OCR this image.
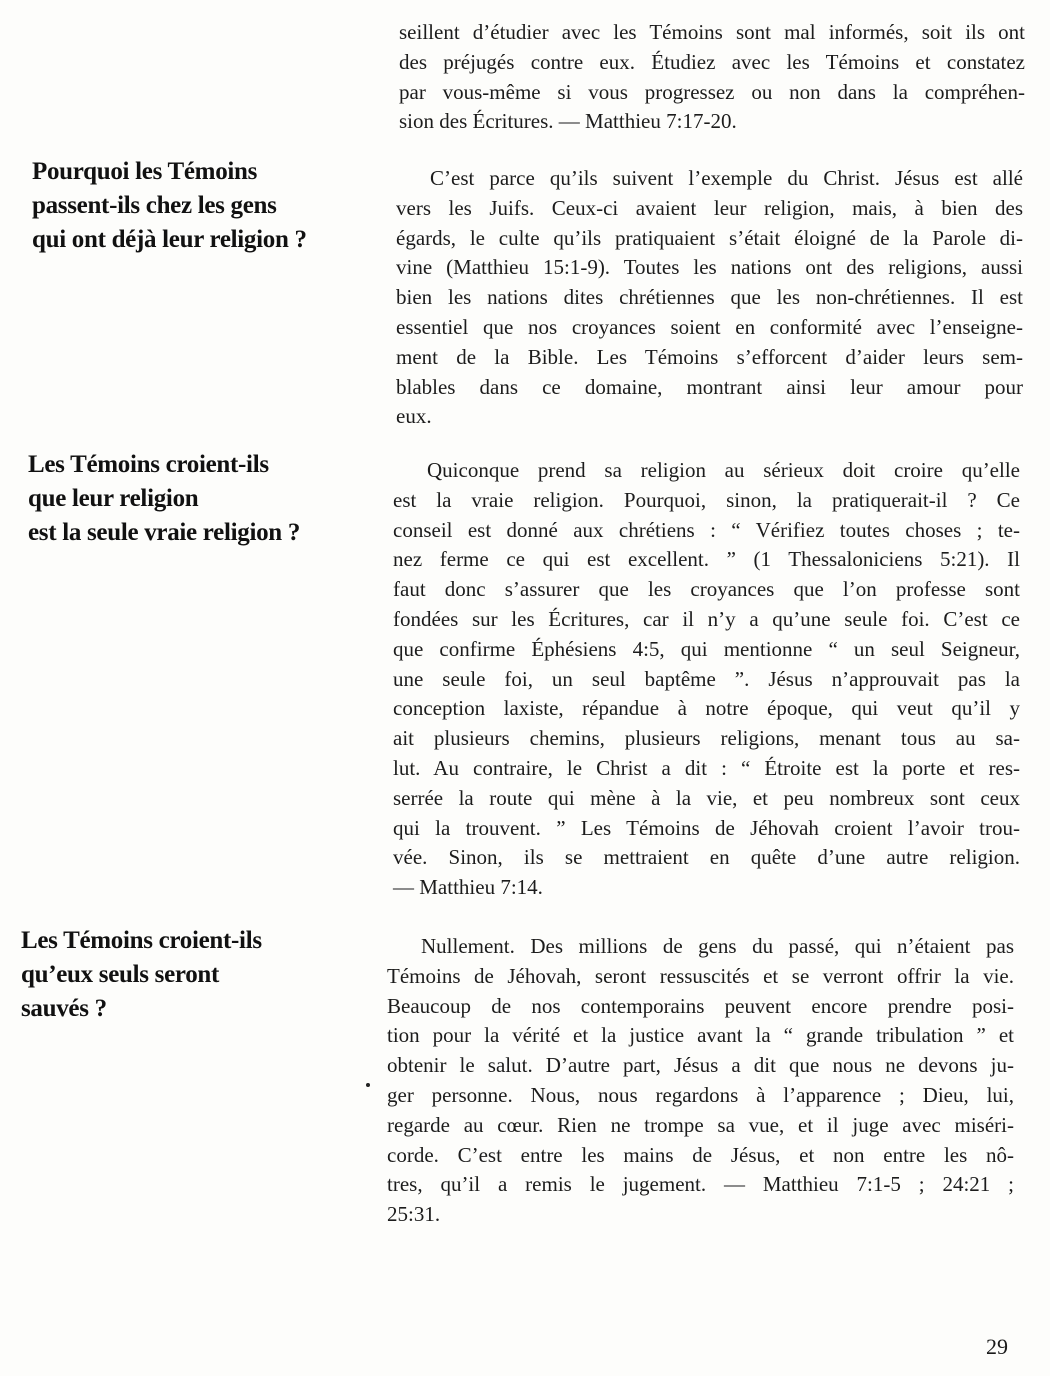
seillent d’étudier avec les Témoins sont mal informés, soit ils ont
des préjugés contre eux. Étudiez avec les Témoins et constatez
par vous-même si vous progressez ou non dans la compréhen-
sion des Écritures. — Matthieu 7:17-20.
Pourquoi les Témoins
passent-ils chez les gens
qui ont déjà leur religion ?
C’est parce qu’ils suivent l’exemple du Christ. Jésus est allé
vers les Juifs. Ceux-ci avaient leur religion, mais, à bien des
égards, le culte qu’ils pratiquaient s’était éloigné de la Parole di-
vine (Matthieu 15:1-9). Toutes les nations ont des religions, aussi
bien les nations dites chrétiennes que les non-chrétiennes. Il est
essentiel que nos croyances soient en conformité avec l’enseigne-
ment de la Bible. Les Témoins s’efforcent d’aider leurs sem-
blables dans ce domaine, montrant ainsi leur amour pour
eux.
Les Témoins croient-ils
que leur religion
est la seule vraie religion ?
Quiconque prend sa religion au sérieux doit croire qu’elle
est la vraie religion. Pourquoi, sinon, la pratiquerait-il ? Ce
conseil est donné aux chrétiens : “ Vérifiez toutes choses ; te-
nez ferme ce qui est excellent. ” (1 Thessaloniciens 5:21). Il
faut donc s’assurer que les croyances que l’on professe sont
fondées sur les Écritures, car il n’y a qu’une seule foi. C’est ce
que confirme Éphésiens 4:5, qui mentionne “ un seul Seigneur,
une seule foi, un seul baptême ”. Jésus n’approuvait pas la
conception laxiste, répandue à notre époque, qui veut qu’il y
ait plusieurs chemins, plusieurs religions, menant tous au sa-
lut. Au contraire, le Christ a dit : “ Étroite est la porte et res-
serrée la route qui mène à la vie, et peu nombreux sont ceux
qui la trouvent. ” Les Témoins de Jéhovah croient l’avoir trou-
vée. Sinon, ils se mettraient en quête d’une autre religion.
— Matthieu 7:14.
Les Témoins croient-ils
qu’eux seuls seront
sauvés ?
Nullement. Des millions de gens du passé, qui n’étaient pas
Témoins de Jéhovah, seront ressuscités et se verront offrir la vie.
Beaucoup de nos contemporains peuvent encore prendre posi-
tion pour la vérité et la justice avant la “ grande tribulation ” et
obtenir le salut. D’autre part, Jésus a dit que nous ne devons ju-
ger personne. Nous, nous regardons à l’apparence ; Dieu, lui,
regarde au cœur. Rien ne trompe sa vue, et il juge avec miséri-
corde. C’est entre les mains de Jésus, et non entre les nô-
tres, qu’il a remis le jugement. — Matthieu 7:1-5 ; 24:21 ;
25:31.
29
